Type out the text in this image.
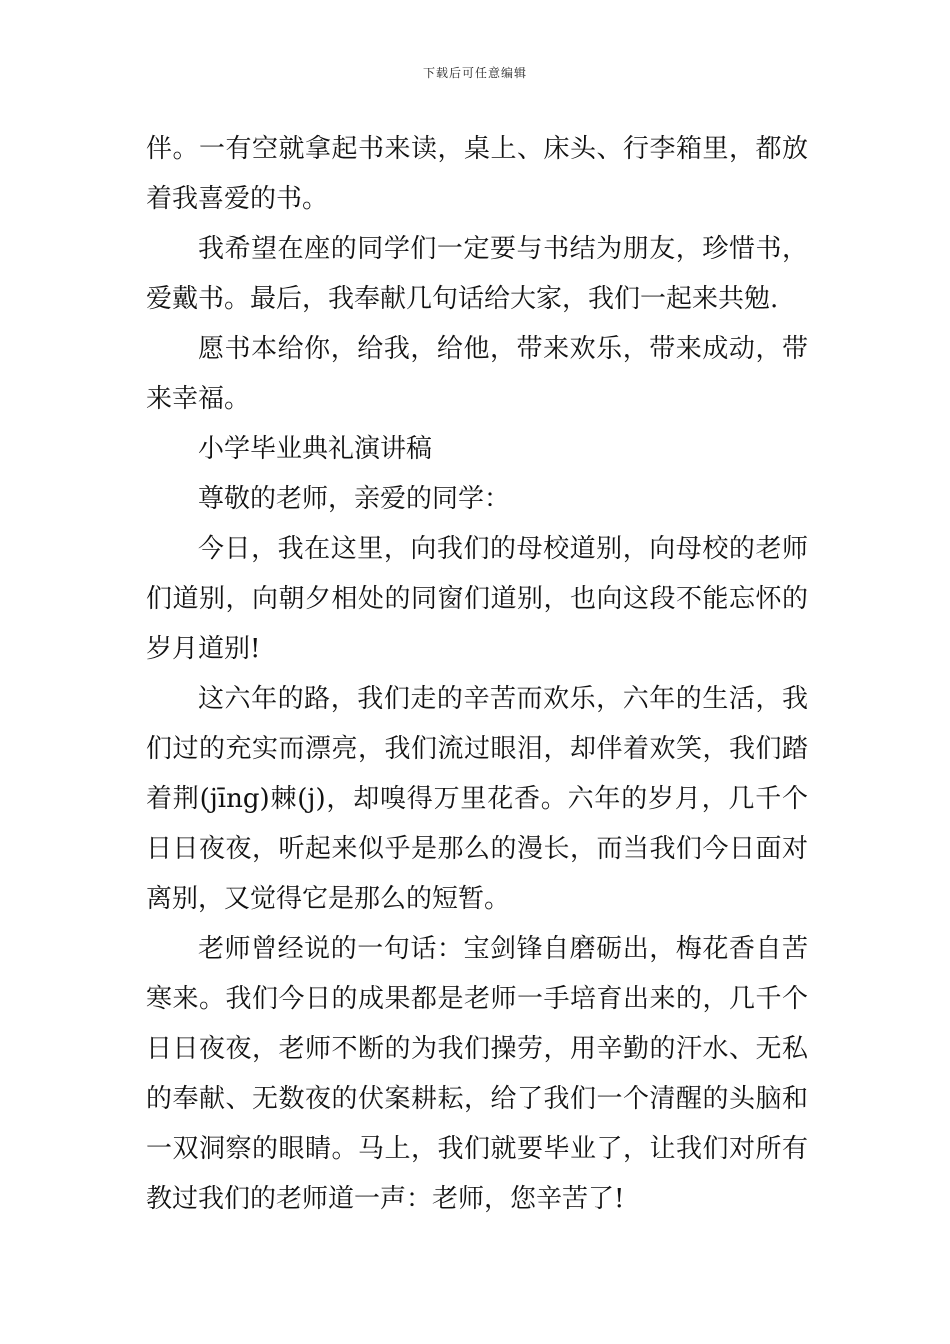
下载后可任意编辑

伴。一有空就拿起书来读，桌上、床头、行李箱里，都放着我喜爱的书。

我希望在座的同学们一定要与书结为朋友，珍惜书，爱戴书。最后，我奉献几句话给大家，我们一起来共勉.

愿书本给你，给我，给他，带来欢乐，带来成动，带来幸福。

小学毕业典礼演讲稿

尊敬的老师，亲爱的同学：

今日，我在这里，向我们的母校道别，向母校的老师们道别，向朝夕相处的同窗们道别，也向这段不能忘怀的岁月道别!

这六年的路，我们走的辛苦而欢乐，六年的生活，我们过的充实而漂亮，我们流过眼泪，却伴着欢笑，我们踏着荆(jīng)棘(j)，却嗅得万里花香。六年的岁月，几千个日日夜夜，听起来似乎是那么的漫长，而当我们今日面对离别，又觉得它是那么的短暂。

老师曾经说的一句话：宝剑锋自磨砺出，梅花香自苦寒来。我们今日的成果都是老师一手培育出来的，几千个日日夜夜，老师不断的为我们操劳，用辛勤的汗水、无私的奉献、无数夜的伏案耕耘，给了我们一个清醒的头脑和一双洞察的眼睛。马上，我们就要毕业了，让我们对所有教过我们的老师道一声：老师，您辛苦了!
